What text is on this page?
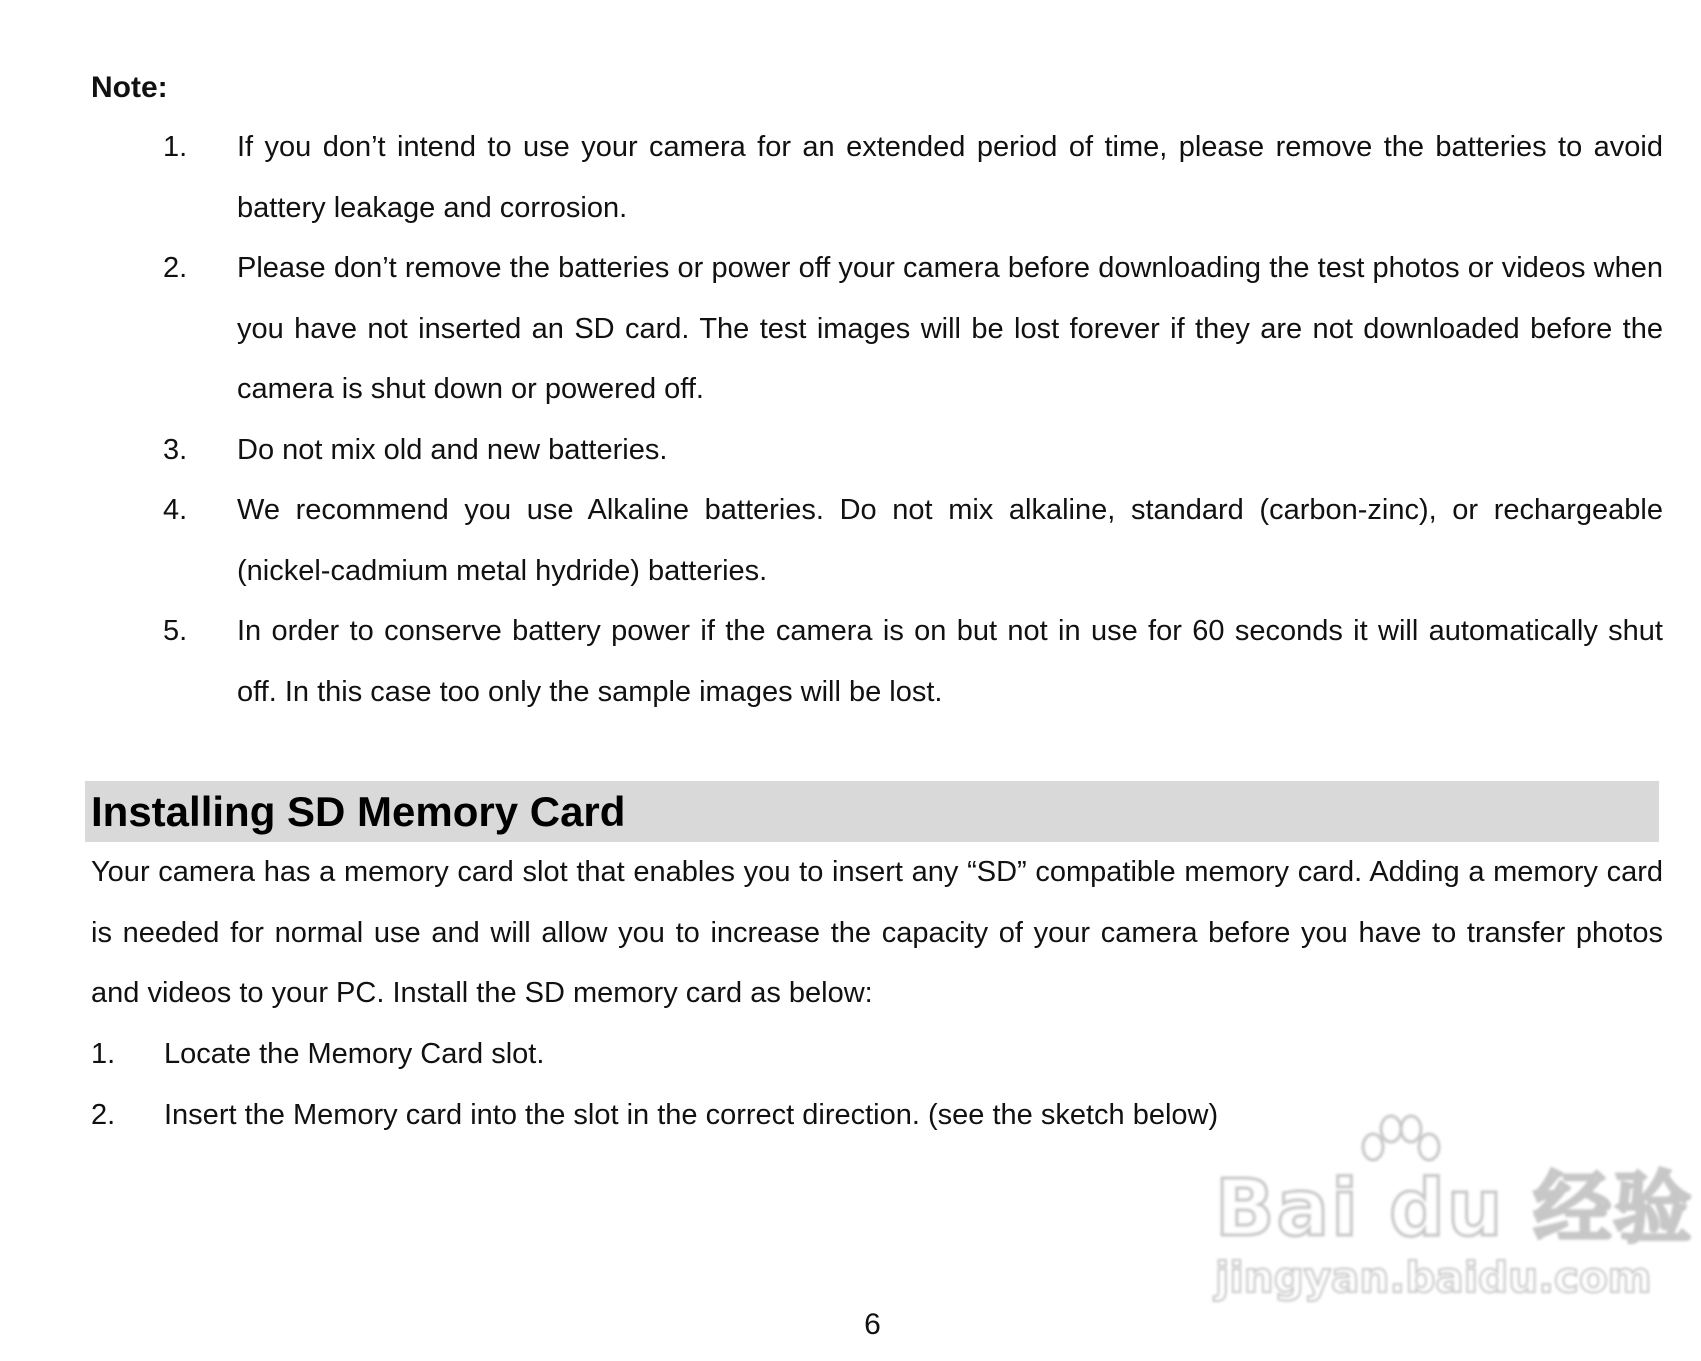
Note:
1. If you don’t intend to use your camera for an extended period of time, please remove the batteries to avoid battery leakage and corrosion.
2. Please don’t remove the batteries or power off your camera before downloading the test photos or videos when you have not inserted an SD card. The test images will be lost forever if they are not downloaded before the camera is shut down or powered off.
3. Do not mix old and new batteries.
4. We recommend you use Alkaline batteries. Do not mix alkaline, standard (carbon-zinc), or rechargeable (nickel-cadmium metal hydride) batteries.
5. In order to conserve battery power if the camera is on but not in use for 60 seconds it will automatically shut off. In this case too only the sample images will be lost.
Installing SD Memory Card

Your camera has a memory card slot that enables you to insert any “SD” compatible memory card. Adding a memory card is needed for normal use and will allow you to increase the capacity of your camera before you have to transfer photos and videos to your PC. Install the SD memory card as below:

1. Locate the Memory Card slot.
2. Insert the Memory card into the slot in the correct direction. (see the sketch below)
Bai du 经验
jingyan.baidu.com
6
